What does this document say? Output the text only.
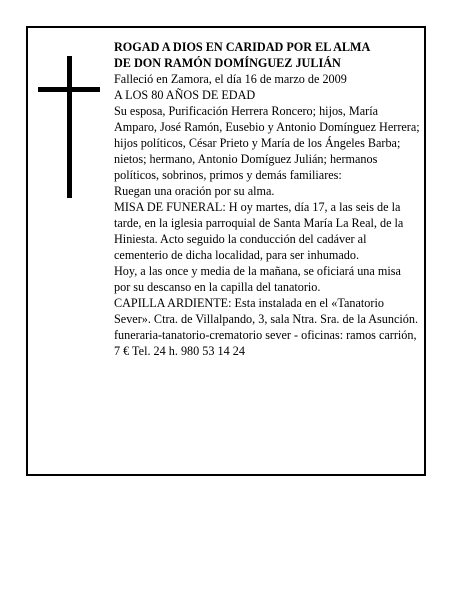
ROGAD A DIOS EN CARIDAD POR EL ALMA

DE DON RAMÓN DOMÍNGUEZ JULIÁN

Falleció en Zamora, el día 16 de marzo de 2009

A LOS 80 AÑOS DE EDAD

Su esposa, Purificación Herrera Roncero; hijos, María Amparo, José Ramón, Eusebio y Antonio Domínguez Herrera; hijos políticos, César Prieto y María de los Ángeles Barba; nietos; hermano, Antonio Domíguez Julián; hermanos políticos, sobrinos, primos y demás familiares:

Ruegan una oración por su alma.

MISA DE FUNERAL: H oy martes, día 17, a las seis de la tarde, en la iglesia parroquial de Santa María La Real, de la Hiniesta. Acto seguido la conducción del cadáver al cementerio de dicha localidad, para ser inhumado.

Hoy, a las once y media de la mañana, se oficiará una misa por su descanso en la capilla del tanatorio.

CAPILLA ARDIENTE: Esta instalada en el «Tanatorio Sever». Ctra. de Villalpando, 3, sala Ntra. Sra. de la Asunción.

funeraria-tanatorio-crematorio sever - oficinas: ramos carrión, 7 € Tel. 24 h. 980 53 14 24
